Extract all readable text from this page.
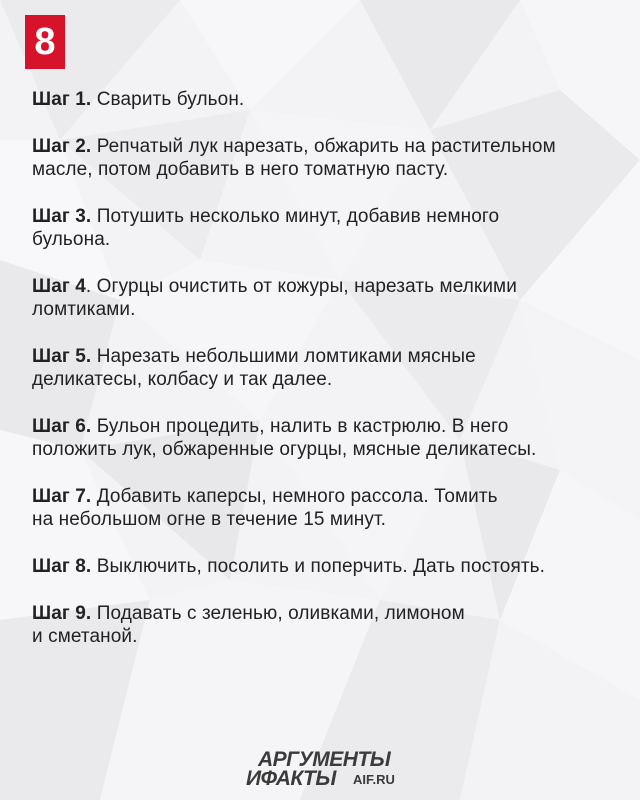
8

Шаг 1. Сварить бульон.

Шаг 2. Репчатый лук нарезать, обжарить на растительном
масле, потом добавить в него томатную пасту.

Шаг 3. Потушить несколько минут, добавив немного
бульона.

Шаг 4. Огурцы очистить от кожуры, нарезать мелкими
ломтиками.

Шаг 5. Нарезать небольшими ломтиками мясные
деликатесы, колбасу и так далее.

Шаг 6. Бульон процедить, налить в кастрюлю. В него
положить лук, обжаренные огурцы, мясные деликатесы.

Шаг 7. Добавить каперсы, немного рассола. Томить
на небольшом огне в течение 15 минут.

Шаг 8. Выключить, посолить и поперчить. Дать постоять.

Шаг 9. Подавать с зеленью, оливками, лимоном
и сметаной.

АРГУМЕНТЫ
ИФАКТЫ AIF.RU
